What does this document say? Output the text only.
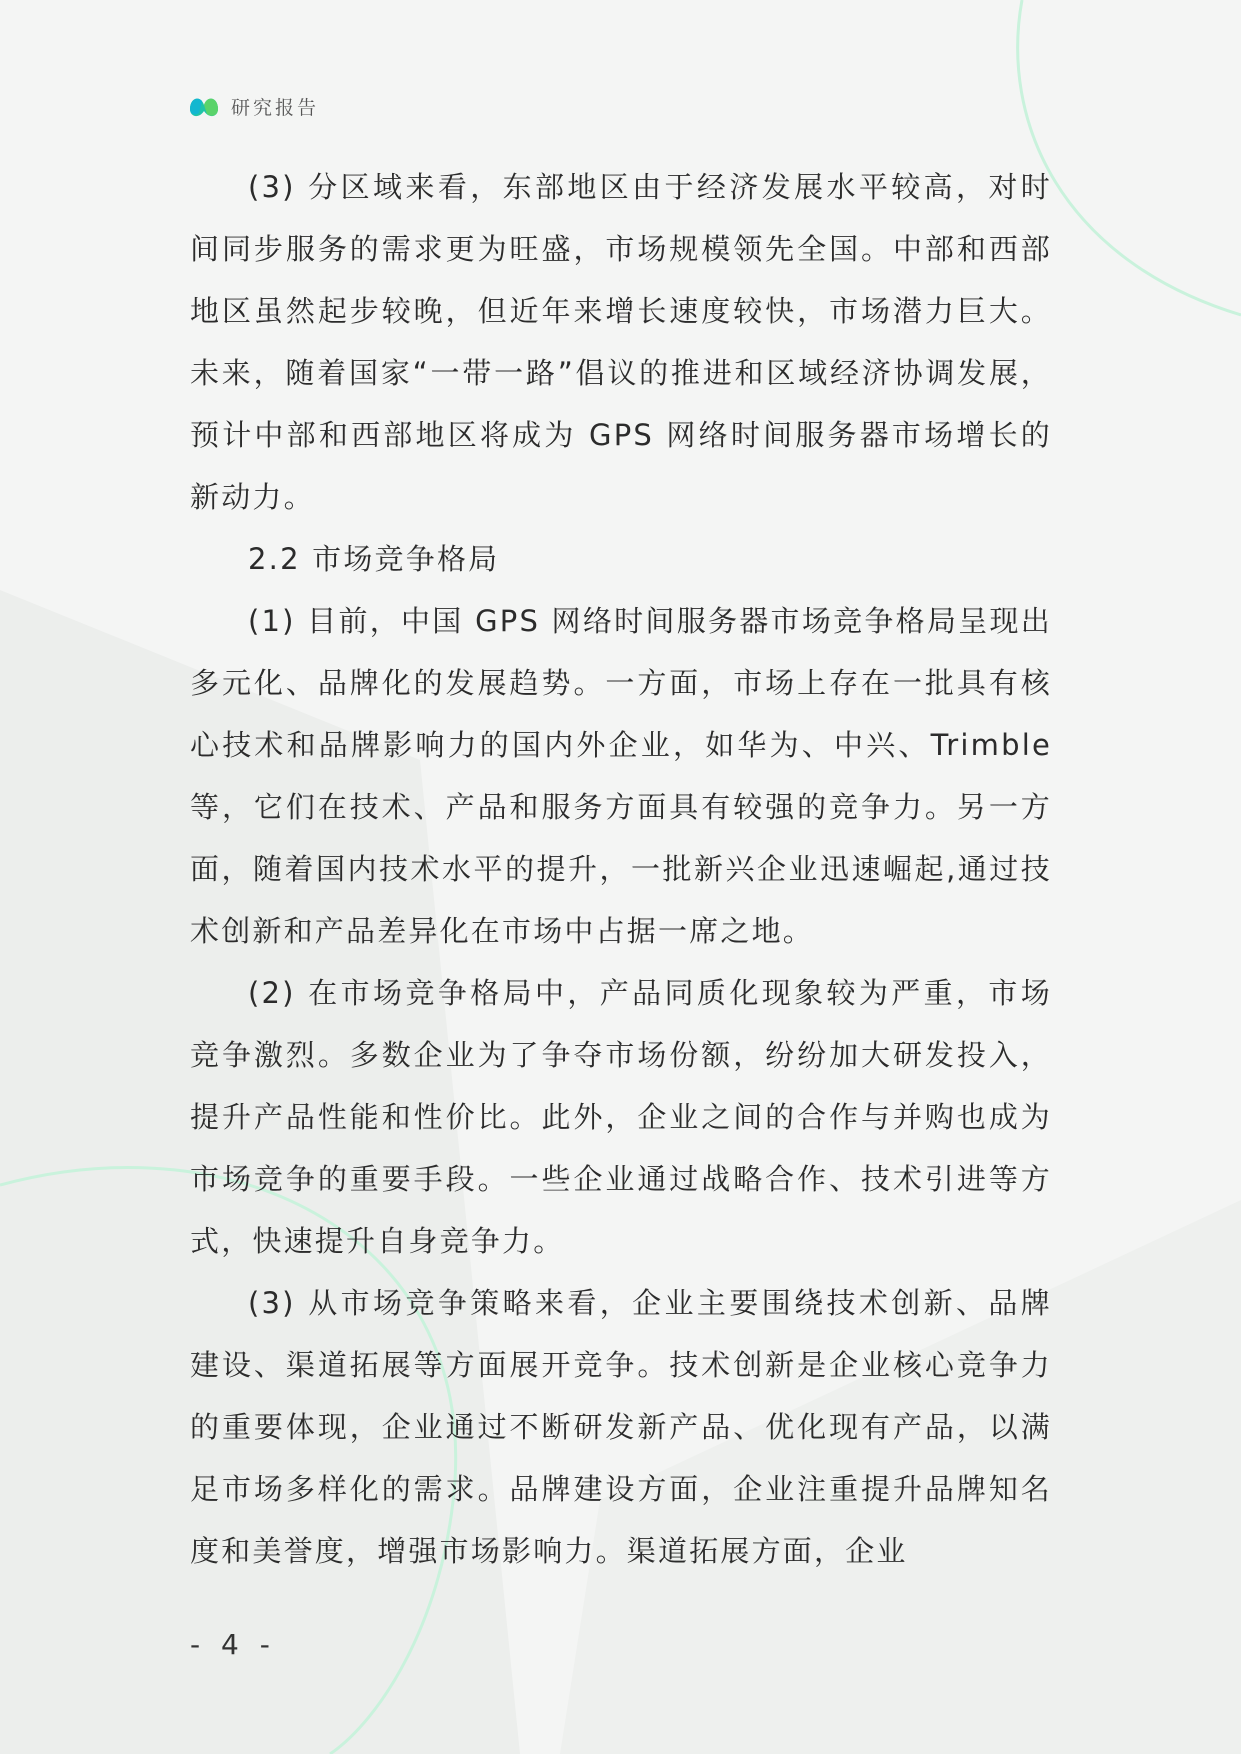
研究报告

(3) 分区域来看，东部地区由于经济发展水平较高，对时间同步服务的需求更为旺盛，市场规模领先全国。中部和西部地区虽然起步较晚，但近年来增长速度较快，市场潜力巨大。未来，随着国家“一带一路”倡议的推进和区域经济协调发展，预计中部和西部地区将成为 GPS 网络时间服务器市场增长的新动力。

2.2 市场竞争格局

(1) 目前，中国 GPS 网络时间服务器市场竞争格局呈现出多元化、品牌化的发展趋势。一方面，市场上存在一批具有核心技术和品牌影响力的国内外企业，如华为、中兴、Trimble 等，它们在技术、产品和服务方面具有较强的竞争力。另一方面，随着国内技术水平的提升，一批新兴企业迅速崛起,通过技术创新和产品差异化在市场中占据一席之地。

(2) 在市场竞争格局中，产品同质化现象较为严重，市场竞争激烈。多数企业为了争夺市场份额，纷纷加大研发投入，提升产品性能和性价比。此外，企业之间的合作与并购也成为市场竞争的重要手段。一些企业通过战略合作、技术引进等方式，快速提升自身竞争力。

(3) 从市场竞争策略来看，企业主要围绕技术创新、品牌建设、渠道拓展等方面展开竞争。技术创新是企业核心竞争力的重要体现，企业通过不断研发新产品、优化现有产品，以满足市场多样化的需求。品牌建设方面，企业注重提升品牌知名度和美誉度，增强市场影响力。渠道拓展方面，企业

- 4 -
